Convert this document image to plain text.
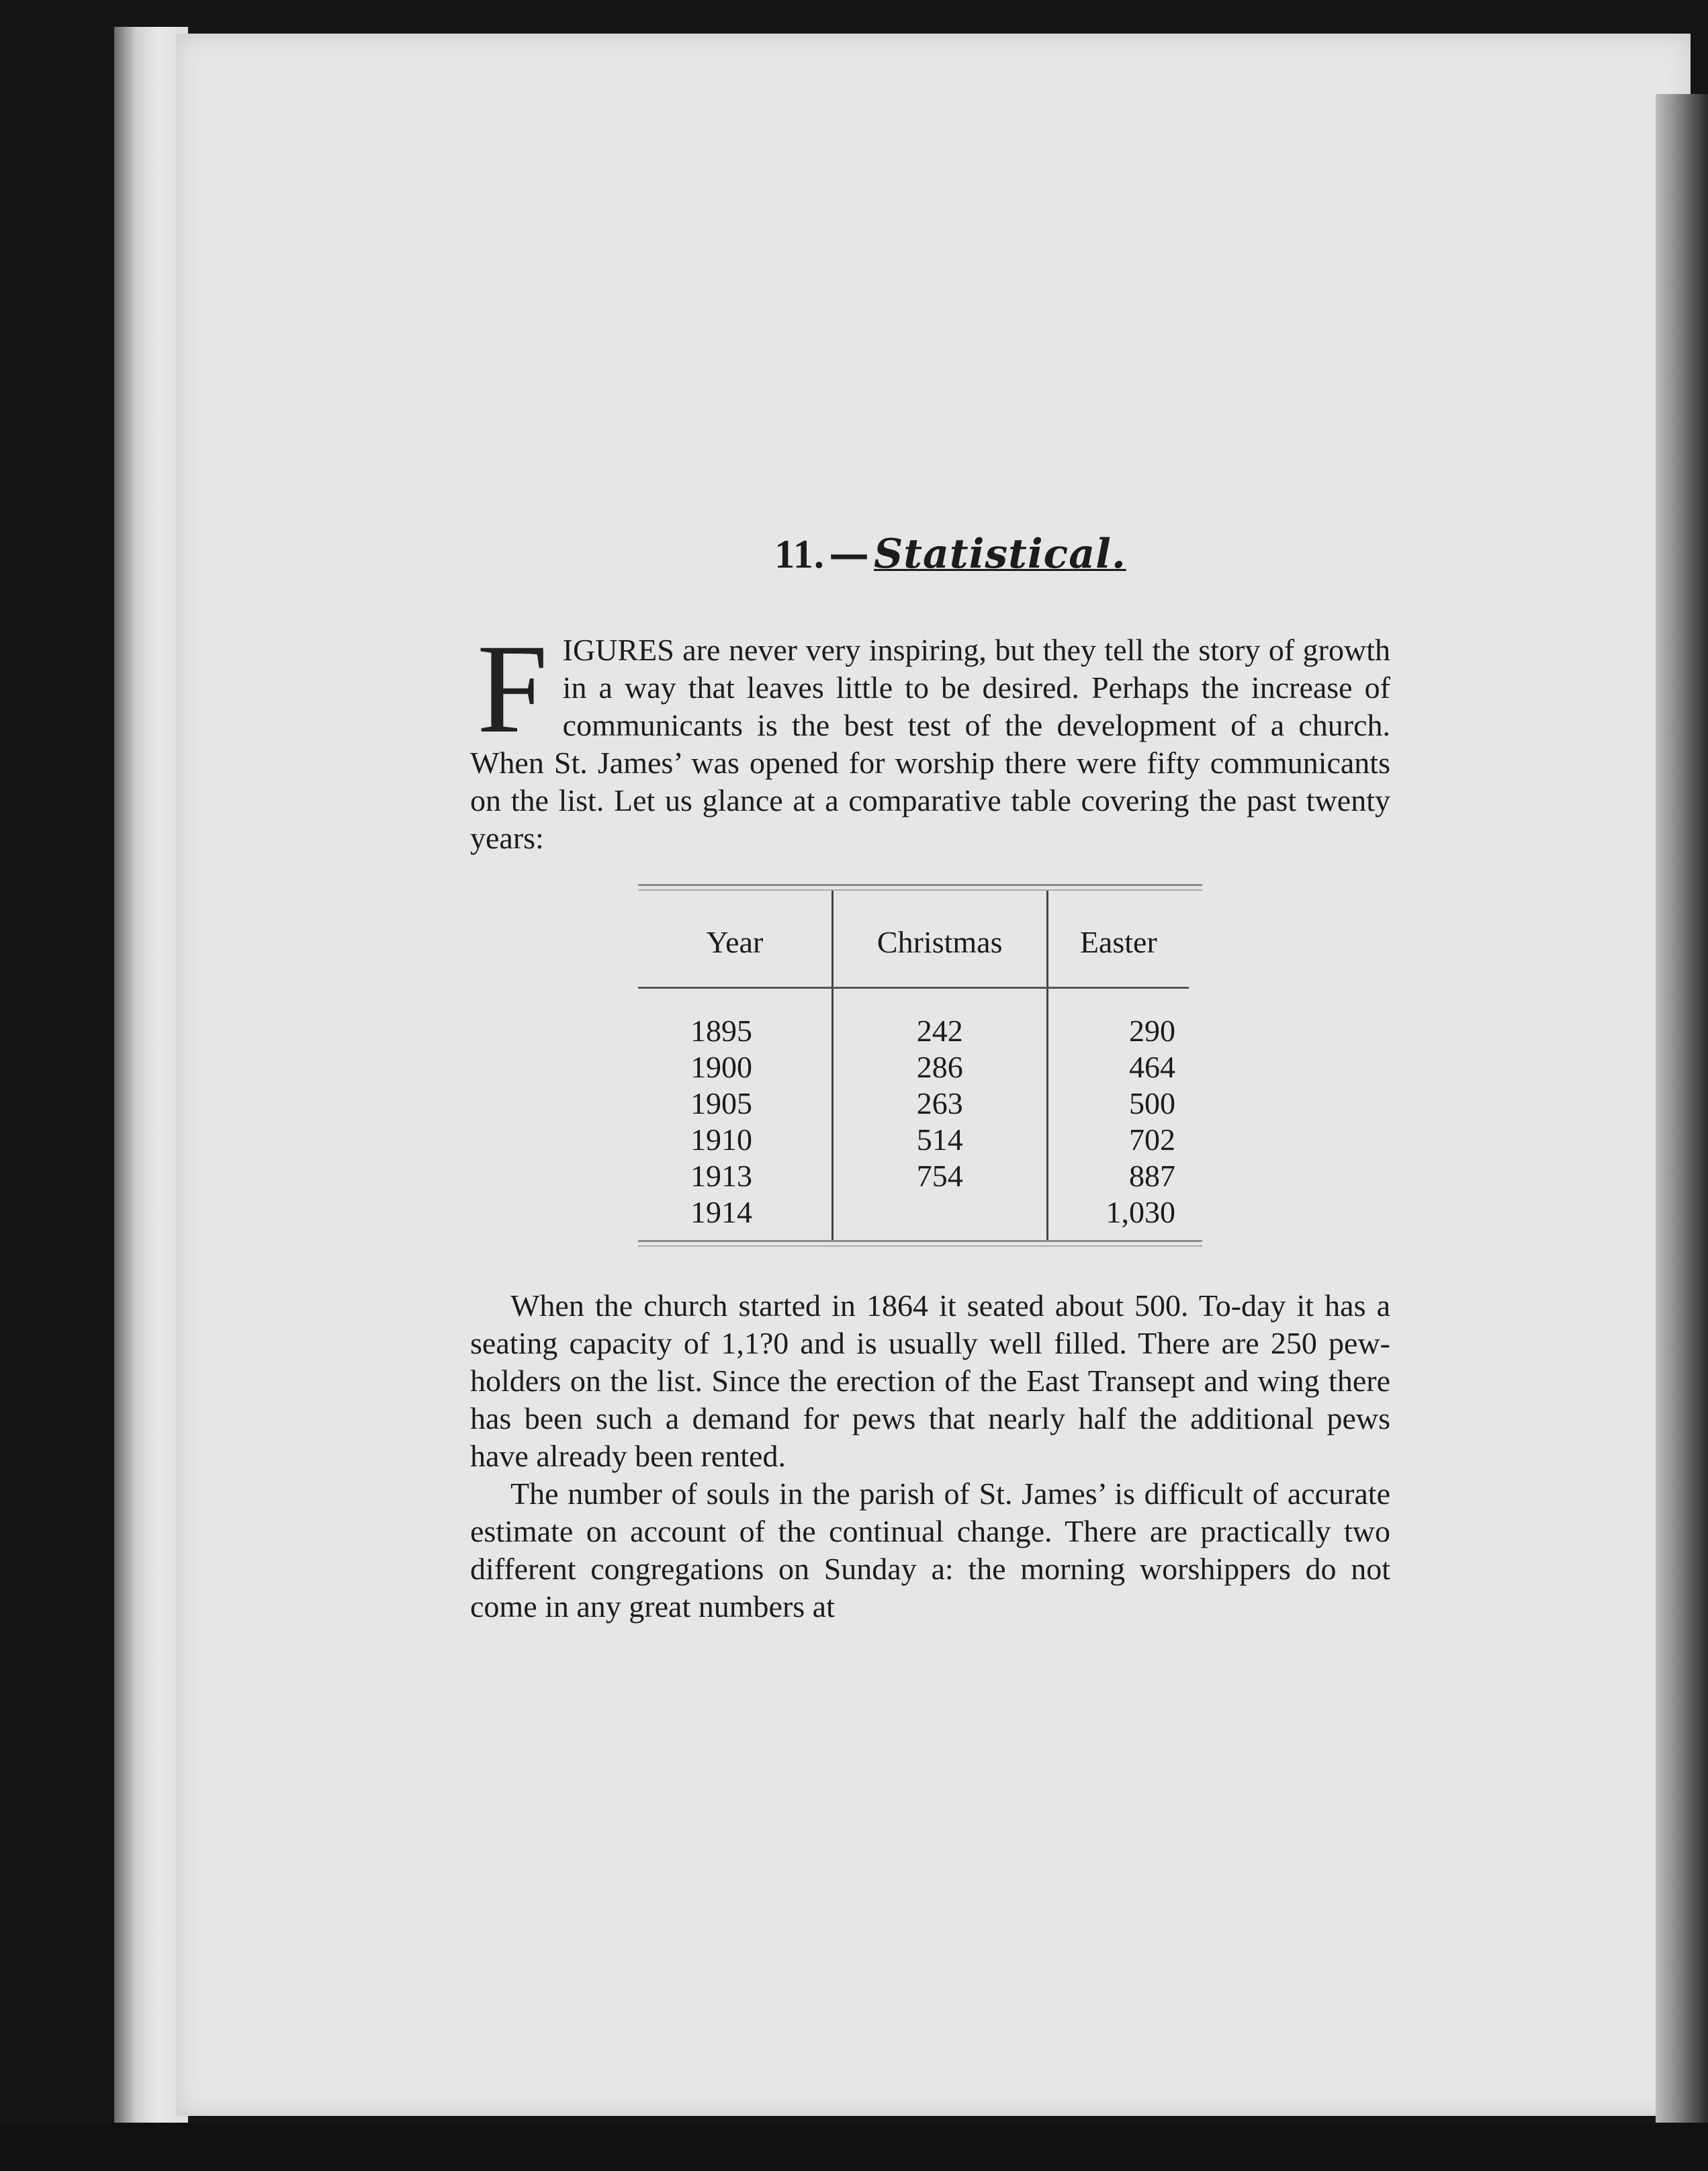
11. — Statistical.

FIGURES are never very inspiring, but they tell the story of growth in a way that leaves little to be desired. Perhaps the increase of communicants is the best test of the development of a church. When St. James’ was opened for worship there were fifty communicants on the list. Let us glance at a comparative table covering the past twenty years:

Year	Christmas	Easter
1895	242	290
1900	286	464
1905	263	500
1910	514	702
1913	754	887
1914		1,030

When the church started in 1864 it seated about 500. To-day it has a seating capacity of 1,1?0 and is usually well filled. There are 250 pew-holders on the list. Since the erection of the East Transept and wing there has been such a demand for pews that nearly half the additional pews have already been rented.

The number of souls in the parish of St. James’ is difficult of accurate estimate on account of the continual change. There are practically two different congregations on Sunday a: the morning worshippers do not come in any great numbers at
